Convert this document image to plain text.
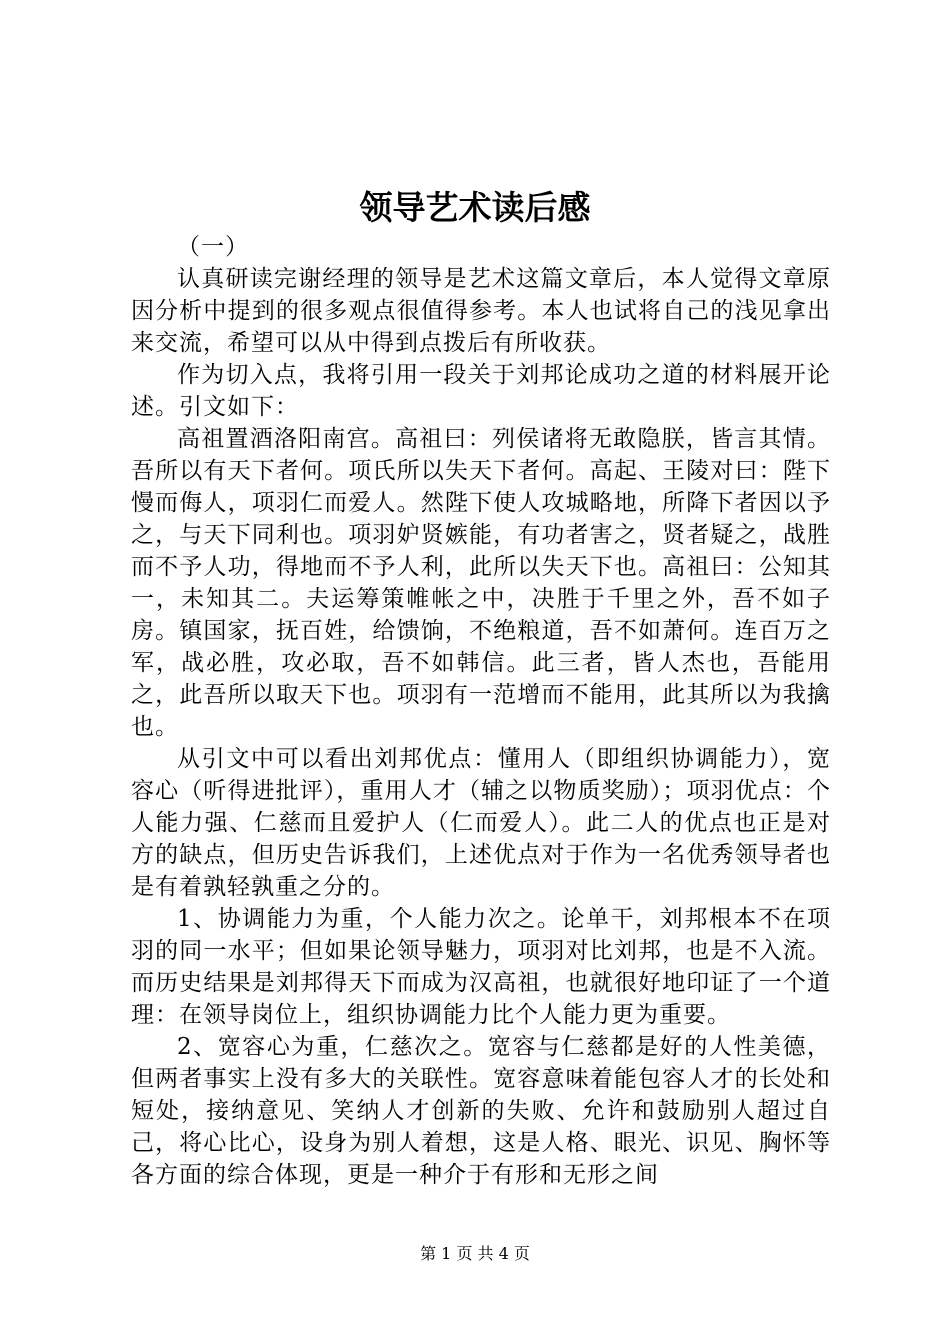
领导艺术读后感

（一）

认真研读完谢经理的领导是艺术这篇文章后，本人觉得文章原因分析中提到的很多观点很值得参考。本人也试将自己的浅见拿出来交流，希望可以从中得到点拨后有所收获。

作为切入点，我将引用一段关于刘邦论成功之道的材料展开论述。引文如下：

高祖置酒洛阳南宫。高祖曰：列侯诸将无敢隐朕，皆言其情。吾所以有天下者何。项氏所以失天下者何。高起、王陵对曰：陛下慢而侮人，项羽仁而爱人。然陛下使人攻城略地，所降下者因以予之，与天下同利也。项羽妒贤嫉能，有功者害之，贤者疑之，战胜而不予人功，得地而不予人利，此所以失天下也。高祖曰：公知其一，未知其二。夫运筹策帷帐之中，决胜于千里之外，吾不如子房。镇国家，抚百姓，给馈饷，不绝粮道，吾不如萧何。连百万之军，战必胜，攻必取，吾不如韩信。此三者，皆人杰也，吾能用之，此吾所以取天下也。项羽有一范增而不能用，此其所以为我擒也。

从引文中可以看出刘邦优点：懂用人（即组织协调能力），宽容心（听得进批评），重用人才（辅之以物质奖励）；项羽优点：个人能力强、仁慈而且爱护人（仁而爱人）。此二人的优点也正是对方的缺点，但历史告诉我们，上述优点对于作为一名优秀领导者也是有着孰轻孰重之分的。

1、协调能力为重，个人能力次之。论单干，刘邦根本不在项羽的同一水平；但如果论领导魅力，项羽对比刘邦，也是不入流。而历史结果是刘邦得天下而成为汉高祖，也就很好地印证了一个道理：在领导岗位上，组织协调能力比个人能力更为重要。

2、宽容心为重，仁慈次之。宽容与仁慈都是好的人性美德，但两者事实上没有多大的关联性。宽容意味着能包容人才的长处和短处，接纳意见、笑纳人才创新的失败、允许和鼓励别人超过自己，将心比心，设身为别人着想，这是人格、眼光、识见、胸怀等各方面的综合体现，更是一种介于有形和无形之间

第 1 页 共 4 页
